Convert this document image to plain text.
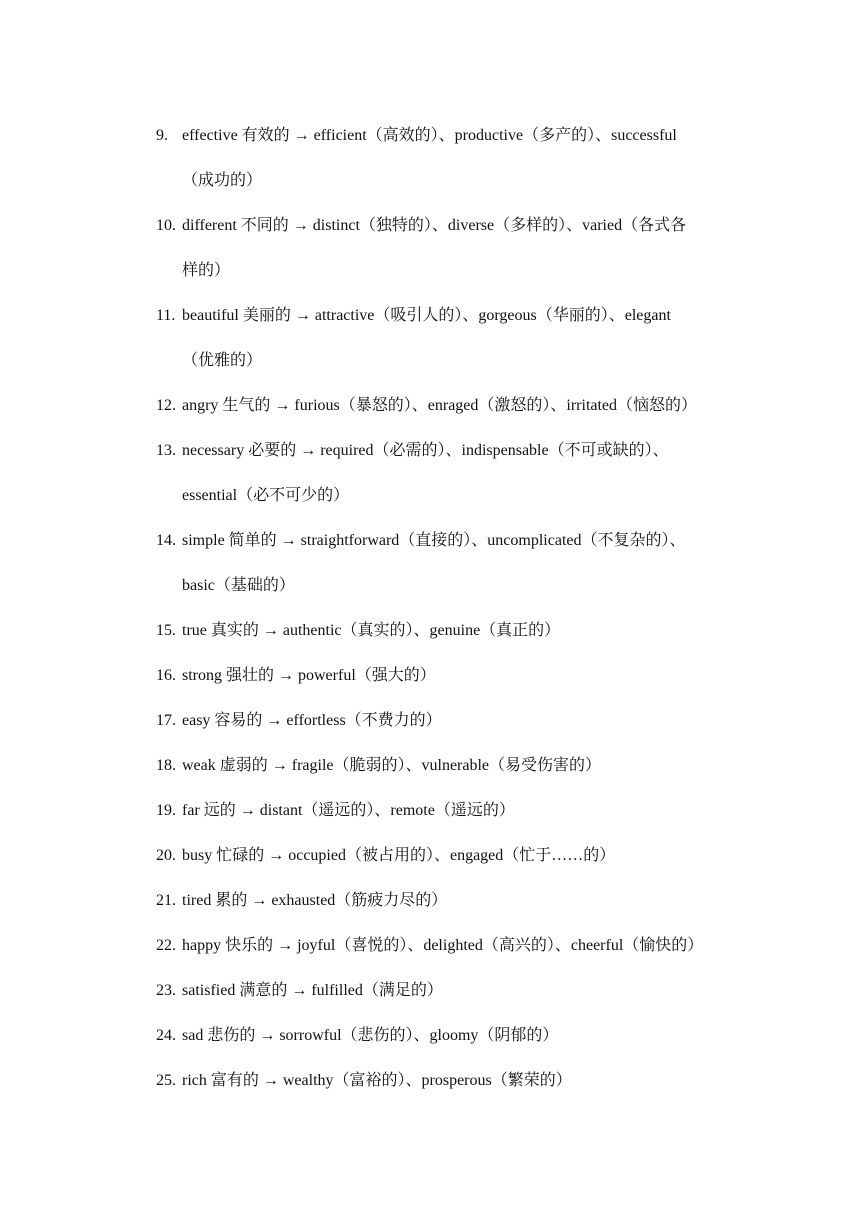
9. effective 有效的 → efficient（高效的）、productive（多产的）、successful
（成功的）
10. different 不同的 → distinct（独特的）、diverse（多样的）、varied（各式各
样的）
11. beautiful 美丽的 → attractive（吸引人的）、gorgeous（华丽的）、elegant
（优雅的）
12. angry 生气的 → furious（暴怒的）、enraged（激怒的）、irritated（恼怒的）
13. necessary 必要的 → required（必需的）、indispensable（不可或缺的）、
essential（必不可少的）
14. simple 简单的 → straightforward（直接的）、uncomplicated（不复杂的）、
basic（基础的）
15. true 真实的 → authentic（真实的）、genuine（真正的）
16. strong 强壮的 → powerful（强大的）
17. easy 容易的 → effortless（不费力的）
18. weak 虚弱的 → fragile（脆弱的）、vulnerable（易受伤害的）
19. far 远的 → distant（遥远的）、remote（遥远的）
20. busy 忙碌的 → occupied（被占用的）、engaged（忙于……的）
21. tired 累的 → exhausted（筋疲力尽的）
22. happy 快乐的 → joyful（喜悦的）、delighted（高兴的）、cheerful（愉快的）
23. satisfied 满意的 → fulfilled（满足的）
24. sad 悲伤的 → sorrowful（悲伤的）、gloomy（阴郁的）
25. rich 富有的 → wealthy（富裕的）、prosperous（繁荣的）
